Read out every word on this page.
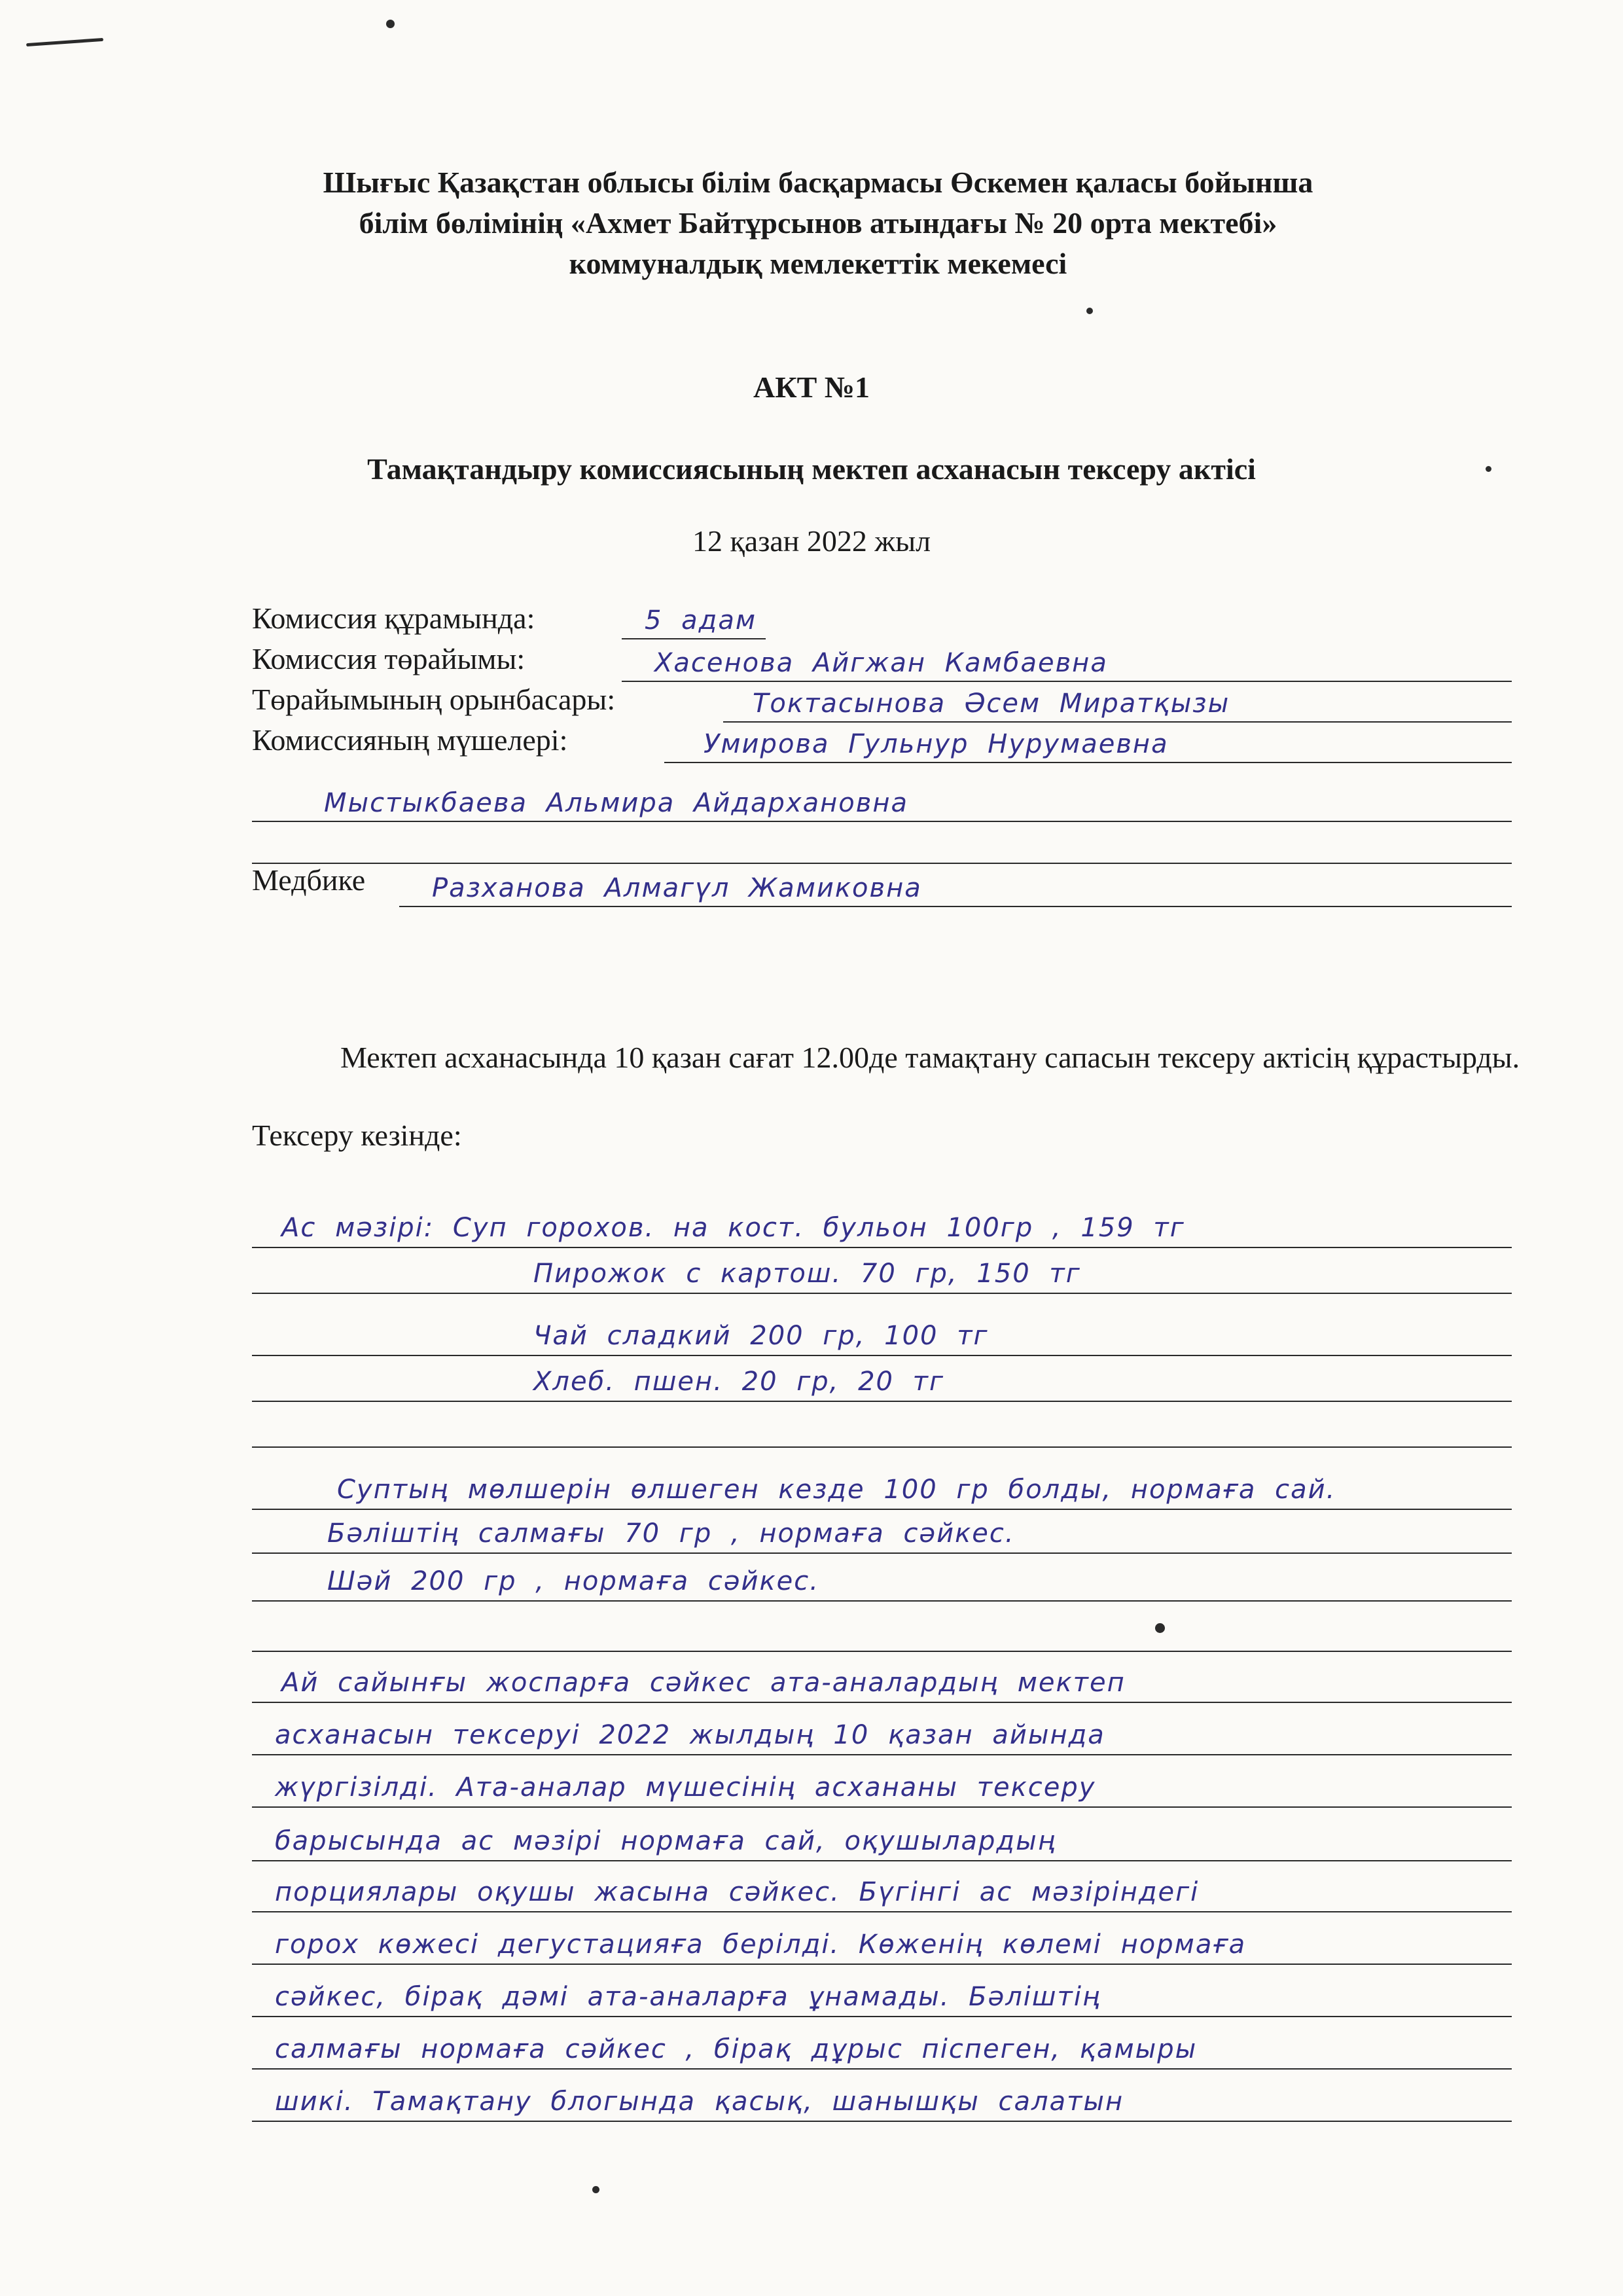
Шығыс Қазақстан облысы білім басқармасы Өскемен қаласы бойынша
білім бөлімінің «Ахмет Байтұрсынов атындағы № 20 орта мектебі»
коммуналдық мемлекеттік мекемесі
АКТ №1
Тамақтандыру комиссиясының мектеп асханасын тексеру актісі
12 қазан 2022 жыл
Комиссия құрамында:	5 адам
Комиссия төрайымы:	Хасенова Айгжан Камбаевна
Төрайымының орынбасары:	Токтасынова Әсем Миратқызы
Комиссияның мүшелері:	Умирова Гульнур Нурумаевна
Мыстыкбаева Альмира Айдархановна
Медбике	Разханова Алмагүл Жамиковна
Мектеп асханасында 10 қазан сағат 12.00де тамақтану сапасын тексеру актісің құрастырды.
Тексеру кезінде:
Ас мәзірі: Суп горохов. на кост. бульон 100гр , 159 тг
Пирожок с картош. 70 гр, 150 тг
Чай сладкий 200 гр, 100 тг
Хлеб. пшен. 20 гр, 20 тг
Суптың мөлшерін өлшеген кезде 100 гр болды, нормаға сай.
Бәліштің салмағы 70 гр , нормаға сәйкес.
Шәй 200 гр , нормаға сәйкес.
Ай сайынғы жоспарға сәйкес ата-аналардың мектеп
асханасын тексеруі 2022 жылдың 10 қазан айында
жүргізілді. Ата-аналар мүшесінің асхананы тексеру
барысында ас мәзірі нормаға сай, оқушылардың
порциялары оқушы жасына сәйкес. Бүгінгі ас мәзіріндегі
горох көжесі дегустацияға берілді. Көженің көлемі нормаға
сәйкес, бірақ дәмі ата-аналарға ұнамады. Бәліштің
салмағы нормаға сәйкес , бірақ дұрыс піспеген, қамыры
шикі. Тамақтану блогында қасық, шанышқы салатын
